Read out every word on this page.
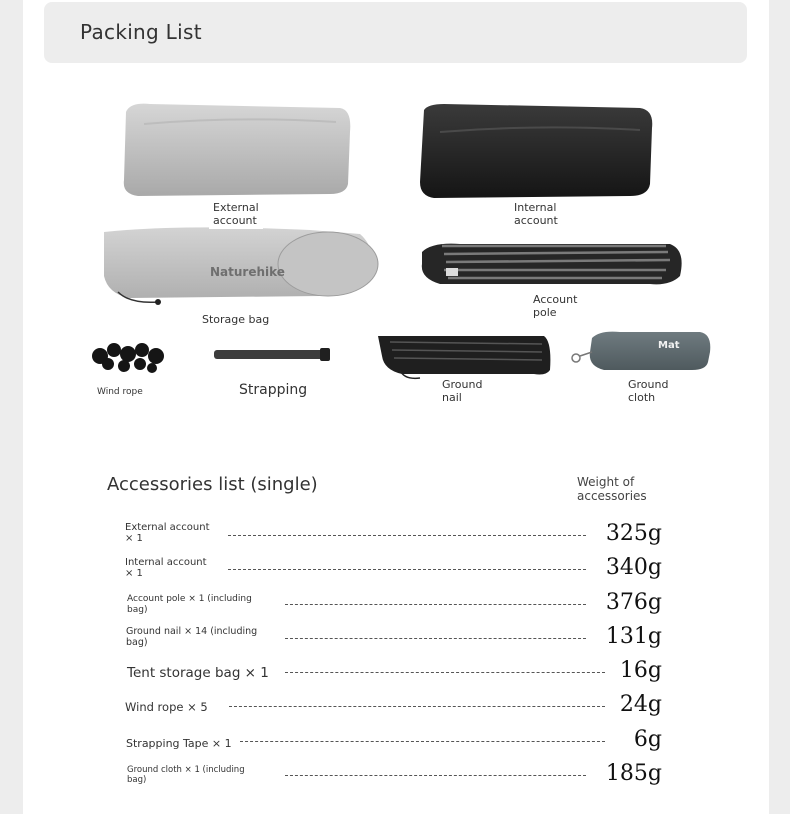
Packing List
Naturehike
Mat
External
account
Internal
account
Storage bag
Account
pole
Wind rope	Strapping	Ground
nail
Ground
cloth
Accessories list (single)	Weight of
accessories
External account
× 1	325g
Internal account
× 1	340g
Account pole × 1 (including
bag)	376g
Ground nail × 14 (including
bag)	131g
Tent storage bag × 1	16g
Wind rope × 5	24g
Strapping Tape × 1	6g
Ground cloth × 1 (including
bag)	185g
